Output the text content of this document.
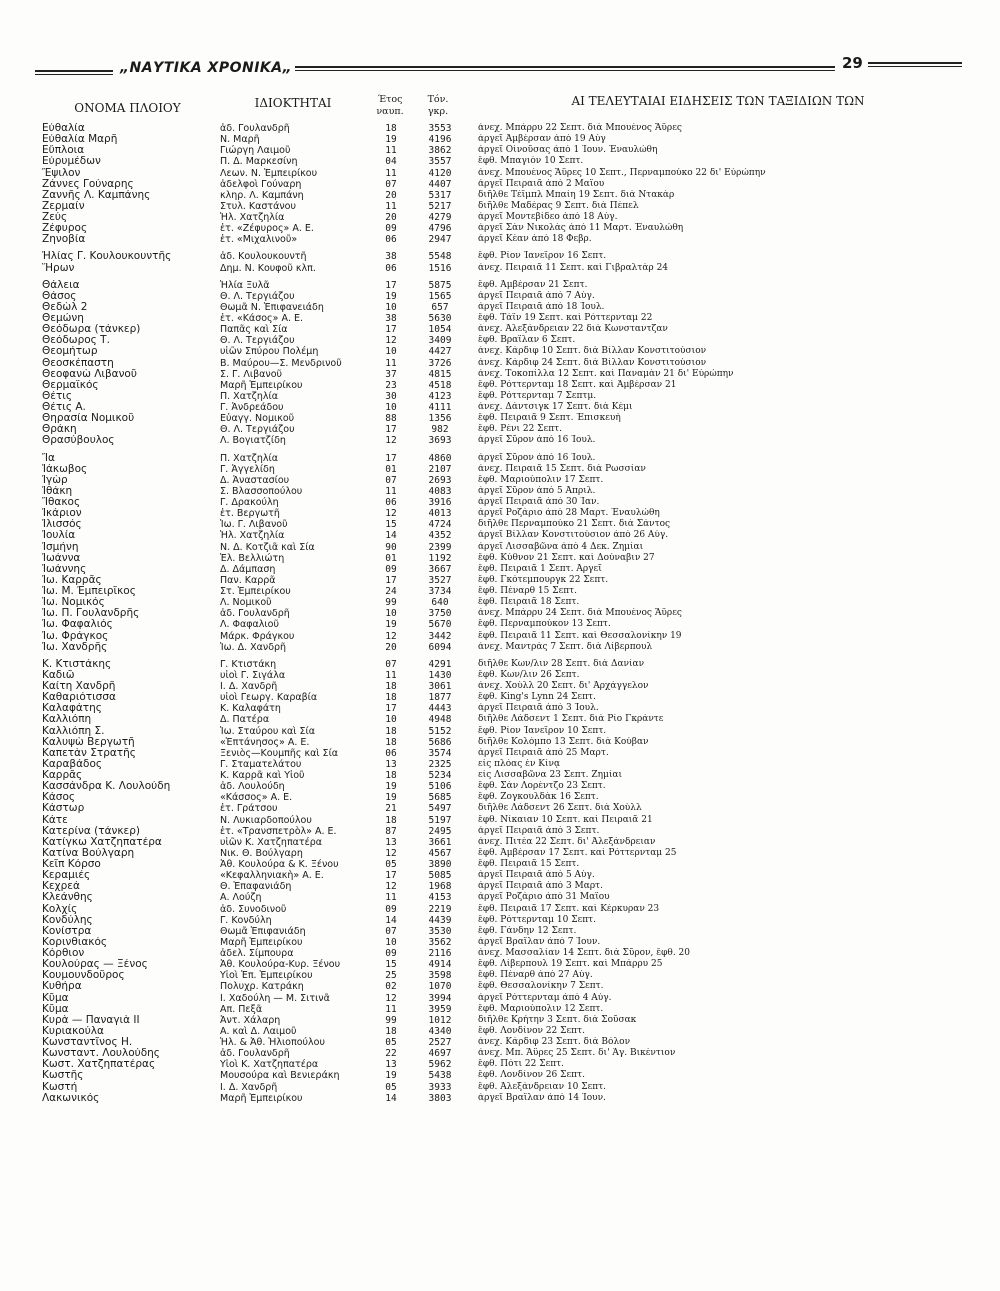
„ΝΑΥΤΙΚΑ ΧΡΟΝΙΚΑ„	29
ΟΝΟΜΑ ΠΛΟΙΟΥ	ΙΔΙΟΚΤΗΤΑΙ	Έτος ναυπ.
Τόν. γκρ.
ΑΙ ΤΕΛΕΥΤΑΙΑΙ ΕΙΔΗΣΕΙΣ ΤΩΝ ΤΑΞΙΔΙΩΝ ΤΩΝ
Εὐθαλία	ἀδ. Γουλανδρῆ	18	3553	ἀνεχ. Μπάρρυ 22 Σεπτ. διὰ Μπουένος Ἄϋρες
Εὐθαλία Μαρῆ	Ν. Μαρῆ	19	4196	ἀργεῖ Ἀμβέρσαν ἀπὸ 19 Αὐγ
Εὔπλοια	Γιώργη Λαιμοῦ	11	3862	ἀργεῖ Οἰνοῦσας ἀπὸ 1 Ἰουν. Ἐναυλώθη
Εὐρυμέδων	Π. Δ. Μαρκεσίνη	04	3557	ἔφθ. Μπαγιὸν 10 Σεπτ.
Ἔψιλον	Λεων. Ν. Ἐμπειρίκου	11	4120	ἀνεχ. Μπουένος Ἄϋρες 10 Σεπτ., Περναμπούκο 22 δι' Εὐρώπην
Ζάννες Γούναρης	ἀδελφοὶ Γούναρη	07	4407	ἀργεῖ Πειραιᾶ ἀπὸ 2 Μαΐου
Ζαννῆς Λ. Καμπάνης	κληρ. Λ. Καμπάνη	20	5317	διῆλθε Τέϊμπλ Μπαίη 19 Σεπτ. διὰ Ντακὰρ
Ζερμαίν	Στυλ. Καστάνου	11	5217	διῆλθε Μαδέρας 9 Σεπτ. διὰ Πέπελ
Ζεύς	Ἠλ. Χατζηλία	20	4279	ἀργεῖ Μοντεβίδεο ἀπὸ 18 Αὐγ.
Ζέφυρος	ἑτ. «Ζέφυρος» Α. Ε.	09	4796	ἀργεῖ Σὰν Νικολὰς ἀπὸ 11 Μαρτ. Ἐναυλώθη
Ζηνοβία	ἑτ. «Μιχαλινοῦ»	06	2947	ἀργεῖ Κέαν ἀπὸ 18 Φεβρ.
Ἠλίας Γ. Κουλουκουντῆς	ἀδ. Κουλουκουντῆ	38	5548	ἔφθ. Ρίον Ἰανεΐρον 16 Σεπτ.
Ἥρων	Δημ. Ν. Κουφοῦ κλπ.	06	1516	ἀνεχ. Πειραιᾶ 11 Σεπτ. καὶ Γιβραλτὰρ 24
Θάλεια	Ἠλία Ξυλᾶ	17	5875	ἔφθ. Ἀμβέρσαν 21 Σεπτ.
Θάσος	Θ. Λ. Τεργιάζου	19	1565	ἀργεῖ Πειραιᾶ ἀπὸ 7 Αὐγ.
Θεδὼλ 2	Θωμᾶ Ν. Ἐπιφανειάδη	10	657	ἀργεῖ Πειραιᾶ ἀπὸ 18 Ἰουλ.
Θεμώνη	ἑτ. «Κάσος» Α. Ε.	38	5630	ἔφθ. Τάϊν 19 Σεπτ. καὶ Ρόττερνταμ 22
Θεόδωρα (τάνκερ)	Παπᾶς καὶ Σία	17	1054	ἀνεχ. Ἀλεξάνδρειαν 22 διὰ Κωνσταντζαν
Θεόδωρος Τ.	Θ. Λ. Τεργιάζου	12	3409	ἔφθ. Βραΐλαν 6 Σεπτ.
Θεομήτωρ	υἱῶν Σπύρου Πολέμη	10	4427	ἀνεχ. Κάρδιφ 10 Σεπτ. διὰ Βίλλαν Κονστιτούσιον
Θεοσκέπαστη	Β. Μαύρου—Σ. Μενδρινοῦ	11	3726	ἀνεχ. Κάρδιφ 24 Σεπτ. διὰ Βίλλαν Κονστιτούσιον
Θεοφανὼ Λιβανοῦ	Σ. Γ. Λιβανοῦ	37	4815	ἀνεχ. Τοκοπίλλα 12 Σεπτ. καὶ Παναμὰν 21 δι' Εὐρώπην
Θερμαϊκός	Μαρῆ Ἐμπειρίκου	23	4518	ἔφθ. Ρόττερνταμ 18 Σεπτ. καὶ Ἀμβέρσαν 21
Θέτις	Π. Χατζηλία	30	4123	ἔφθ. Ρόττερνταμ 7 Σεπτμ.
Θέτις Α.	Γ. Ἀνδρεάδου	10	4111	ἀνεχ. Δάντσιγκ 17 Σεπτ. διὰ Κέμι
Θηρασία Νομικοῦ	Εὐαγγ. Νομικοῦ	88	1356	ἔφθ. Πειραιᾶ 9 Σεπτ. Ἐπισκευὴ
Θράκη	Θ. Λ. Τεργιάζου	17	982	ἔφθ. Ρένι 22 Σεπτ.
Θρασύβουλος	Λ. Βογιατζίδη	12	3693	ἀργεῖ Σῦρον ἀπὸ 16 Ἰουλ.
Ἴα	Π. Χατζηλία	17	4860	ἀργεῖ Σῦρον ἀπὸ 16 Ἰουλ.
Ἰάκωβος	Γ. Ἀγγελίδη	01	2107	ἀνεχ. Πειραιᾶ 15 Σεπτ. διὰ Ρωσσίαν
Ἰγὼρ	Δ. Ἀναστασίου	07	2693	ἔφθ. Μαριούπολιν 17 Σεπτ.
Ἰθάκη	Σ. Βλασσοπούλου	11	4083	ἀργεῖ Σῦρον ἀπὸ 5 Ἀπριλ.
Ἴθακος	Γ. Δρακούλη	06	3916	ἀργεῖ Πειραιᾶ ἀπὸ 30 Ἰαν.
Ἰκάριον	ἑτ. Βεργωτῆ	12	4013	ἀργεῖ Ροζάριο ἀπὸ 28 Μαρτ. Ἐναυλώθη
Ἰλισσός	Ἰω. Γ. Λιβανοῦ	15	4724	διῆλθε Περναμπούκο 21 Σεπτ. διὰ Σάντος
Ἰουλία	Ἠλ. Χατζηλία	14	4352	ἀργεῖ Βίλλαν Κονστιτούσιον ἀπὸ 26 Αὐγ.
Ἰσμήνη	Ν. Δ. Κοτζιᾶ καὶ Σία	90	2399	ἀργεῖ Λισσαβῶνα ἀπὸ 4 Δεκ. Ζημίαι
Ἰωάννα	Ἐλ. Βελλιώτη	01	1192	ἔφθ. Κύθνον 21 Σεπτ. καὶ Δούναβιν 27
Ἰωάννης	Δ. Δάμπαση	09	3667	ἔφθ. Πειραιᾶ 1 Σεπτ. Ἀργεῖ
Ἰω. Καρρᾶς	Παν. Καρρᾶ	17	3527	ἔφθ. Γκότεμπουργκ 22 Σεπτ.
Ἰω. Μ. Ἐμπειρῖκος	Στ. Ἐμπειρίκου	24	3734	ἔφθ. Πέναρθ 15 Σεπτ.
Ἰω. Νομικός	Λ. Νομικοῦ	99	640	ἔφθ. Πειραιᾶ 18 Σεπτ.
Ἰω. Π. Γουλανδρῆς	ἀδ. Γουλανδρῆ	10	3750	ἀνεχ. Μπάρρυ 24 Σεπτ. διὰ Μπουένος Ἄϋρες
Ἰω. Φαφαλιός	Λ. Φαφαλιοῦ	19	5670	ἔφθ. Περναμπούκον 13 Σεπτ.
Ἰω. Φράγκος	Μάρκ. Φράγκου	12	3442	ἔφθ. Πειραιᾶ 11 Σεπτ. καὶ Θεσσαλονίκην 19
Ἰω. Χανδρῆς	Ἰω. Δ. Χανδρῆ	20	6094	ἀνεχ. Μαντρὰς 7 Σεπτ. διὰ Λίβερπουλ
Κ. Κτιστάκης	Γ. Κτιστάκη	07	4291	διῆλθε Κων/λιν 28 Σεπτ. διὰ Δανίαν
Καδιῶ	υἱοὶ Γ. Σιγάλα	11	1430	ἔφθ. Κων/λιν 26 Σεπτ.
Καίτη Χανδρῆ	Ι. Δ. Χανδρῆ	18	3061	ἀνεχ. Χοὺλλ 20 Σεπτ. δι' Ἀρχάγγελον
Καθαριότισσα	υἱοὶ Γεωργ. Καραβία	18	1877	ἔφθ. King's Lynn 24 Σεπτ.
Καλαφάτης	Κ. Καλαφάτη	17	4443	ἀργεῖ Πειραιᾶ ἀπὸ 3 Ἰουλ.
Καλλιόπη	Δ. Πατέρα	10	4948	διῆλθε Λάδσεντ 1 Σεπτ. διὰ Ρίο Γκράντε
Καλλιόπη Σ.	Ἰω. Σταύρου καὶ Σία	18	5152	ἔφθ. Ρίον Ἰανεΐρον 10 Σεπτ.
Καλυψὼ Βεργωτῆ	«Ἐπτάνησος» Α. Ε.	18	5686	διῆλθε Κολόμπο 13 Σεπτ. διὰ Κούβαν
Καπετὰν Στρατῆς	Ξενιὸς—Κουμπῆς καὶ Σία	06	3574	ἀργεῖ Πειραιᾶ ἀπὸ 25 Μαρτ.
Καραβάδος	Γ. Σταματελάτου	13	2325	εἰς πλόας ἐν Κίνᾳ
Καρρᾶς	Κ. Καρρᾶ καὶ Υἱοῦ	18	5234	εἰς Λισσαβῶνα 23 Σεπτ. Ζημίαι
Κασσάνδρα Κ. Λουλούδη	ἀδ. Λουλούδη	19	5106	ἔφθ. Σὰν Λορέντζο 23 Σεπτ.
Κάσος	«Κάσσος» Α. Ε.	19	5685	ἔφθ. Ζογκουλδὰκ 16 Σεπτ.
Κάστωρ	ἑτ. Γράτσου	21	5497	διῆλθε Λάδσεντ 26 Σεπτ. διὰ Χοὺλλ
Κάτε	Ν. Λυκιαρδοπούλου	18	5197	ἔφθ. Νίκαιαν 10 Σεπτ. καὶ Πειραιᾶ 21
Κατερίνα (τάνκερ)	ἑτ. «Τρανσπετρὸλ» Α. Ε.	87	2495	ἀργεῖ Πειραιᾶ ἀπὸ 3 Σεπτ.
Κατίγκω Χατζηπατέρα	υἱῶν Κ. Χατζηπατέρα	13	3661	ἀνεχ. Πιτέα 22 Σεπτ. δι' Ἀλεξάνδρειαν
Κατίνα Βούλγαρη	Νικ. Θ. Βούλγαρη	12	4567	ἔφθ. Ἀμβέρσαν 17 Σεπτ. καὶ Ρόττερνταμ 25
Κεῖπ Κόρσο	Ἀθ. Κουλούρα & Κ. Ξένου	05	3890	ἔφθ. Πειραιᾶ 15 Σεπτ.
Κεραμιές	«Κεφαλληνιακὴ» Α. Ε.	17	5085	ἀργεῖ Πειραιᾶ ἀπὸ 5 Αὐγ.
Κεχρεά	Θ. Ἐπαφανιάδη	12	1968	ἀργεῖ Πειραιᾶ ἀπὸ 3 Μαρτ.
Κλεάνθης	Α. Λούζη	11	4153	ἀργεῖ Ροζάριο ἀπὸ 31 Μαΐου
Κολχίς	ἀδ. Συνοδινοῦ	09	2219	ἔφθ. Πειραιᾶ 17 Σεπτ. καὶ Κέρκυραν 23
Κονδύλης	Γ. Κονδύλη	14	4439	ἔφθ. Ρόττερνταμ 10 Σεπτ.
Κονίστρα	Θωμᾶ Ἐπιφανιάδη	07	3530	ἔφθ. Γάνδην 12 Σεπτ.
Κορινθιακός	Μαρῆ Ἐμπειρίκου	10	3562	ἀργεῖ Βραΐλαν ἀπὸ 7 Ἰουν.
Κόρθιον	ἀδελ. Σίμπουρα	09	2116	ἀνεχ. Μασσαλίαν 14 Σεπτ. διὰ Σῦρον, ἔφθ. 20
Κουλούρας — Ξένος	Ἀθ. Κουλούρα-Κυρ. Ξένου	15	4914	ἔφθ. Λίβερπουλ 19 Σεπτ. καὶ Μπάρρυ 25
Κουμουνδοῦρος	Υἱοὶ Ἐπ. Ἐμπειρίκου	25	3598	ἔφθ. Πέναρθ ἀπὸ 27 Αὐγ.
Κυθήρα	Πολυχρ. Κατράκη	02	1070	ἔφθ. Θεσσαλονίκην 7 Σεπτ.
Κῦμα	Ι. Χαδούλη — Μ. Σιτινᾶ	12	3994	ἀργεῖ Ρόττερνταμ ἀπὸ 4 Αὐγ.
Κῦμα	Απ. Πεξᾶ	11	3959	ἔφθ. Μαριούπολιν 12 Σεπτ.
Κυρὰ — Παναγιὰ ΙΙ	Ἀντ. Χάλαρη	99	1012	διῆλθε Κρήτην 3 Σεπτ. διὰ Σοῦσακ
Κυριακούλα	Α. καὶ Δ. Λαιμοῦ	18	4340	ἔφθ. Λονδίνον 22 Σεπτ.
Κωνσταντῖνος Η.	Ἠλ. & Ἀθ. Ἠλιοπούλου	05	2527	ἀνεχ. Κάρδιφ 23 Σεπτ. διὰ Βόλον
Κωνσταντ. Λουλούδης	ἀδ. Γουλανδρῆ	22	4697	ἀνεχ. Μπ. Ἄϋρες 25 Σεπτ. δι' Ἁγ. Βικέντιον
Κωστ. Χατζηπατέρας	Υἱοὶ Κ. Χατζηπατέρα	13	5962	ἔφθ. Πότι 22 Σεπτ.
Κωστῆς	Μουσούρα καὶ Βενιεράκη	19	5438	ἔφθ. Λονδίνον 26 Σεπτ.
Κωστή	Ι. Δ. Χανδρῆ	05	3933	ἔφθ. Ἀλεξάνδρειαν 10 Σεπτ.
Λακωνικός	Μαρῆ Ἐμπειρίκου	14	3803	ἀργεῖ Βραΐλαν ἀπὸ 14 Ἰουν.
